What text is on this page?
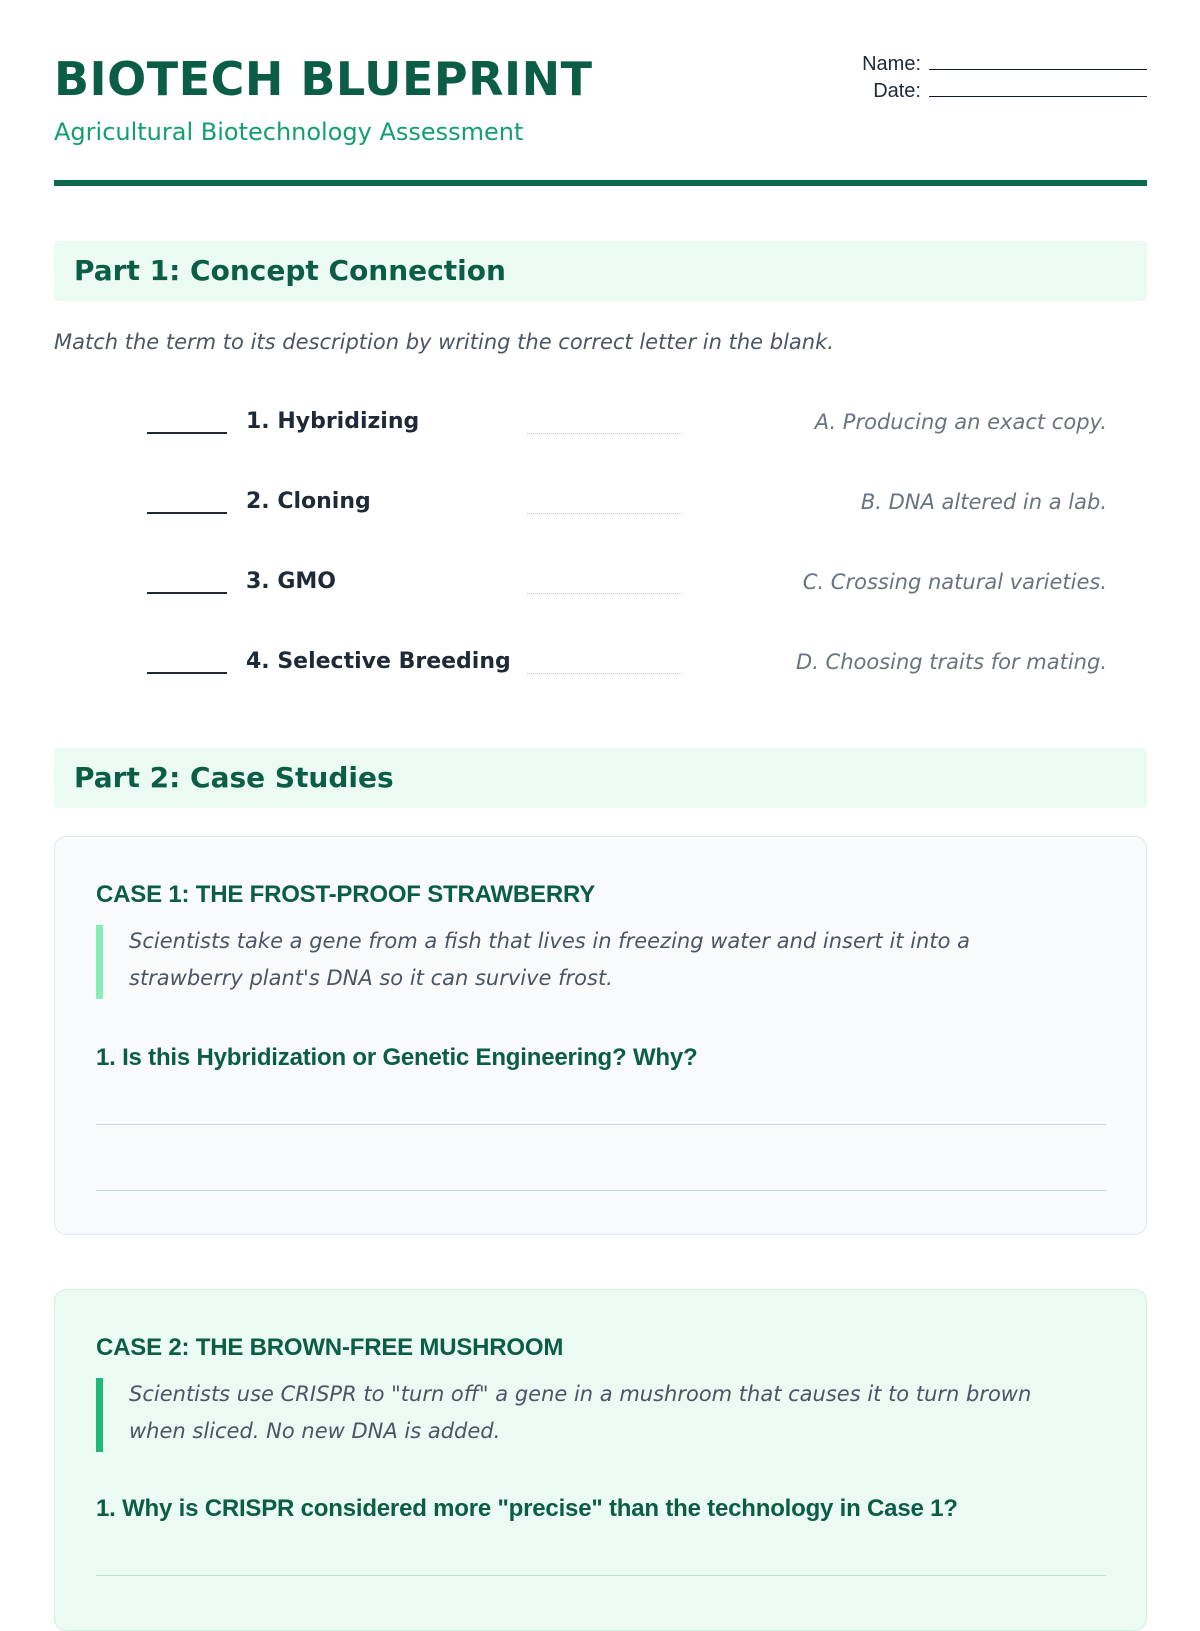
BIOTECH BLUEPRINT
Agricultural Biotechnology Assessment
Name:
Date:
Part 1: Concept Connection
Match the term to its description by writing the correct letter in the blank.
1. Hybridizing	A. Producing an exact copy.
2. Cloning	B. DNA altered in a lab.
3. GMO	C. Crossing natural varieties.
4. Selective Breeding	D. Choosing traits for mating.
Part 2: Case Studies
CASE 1: THE FROST-PROOF STRAWBERRY
Scientists take a gene from a fish that lives in freezing water and insert it into a strawberry plant's DNA so it can survive frost.
1. Is this Hybridization or Genetic Engineering? Why?
CASE 2: THE BROWN-FREE MUSHROOM
Scientists use CRISPR to "turn off" a gene in a mushroom that causes it to turn brown when sliced. No new DNA is added.
1. Why is CRISPR considered more "precise" than the technology in Case 1?
